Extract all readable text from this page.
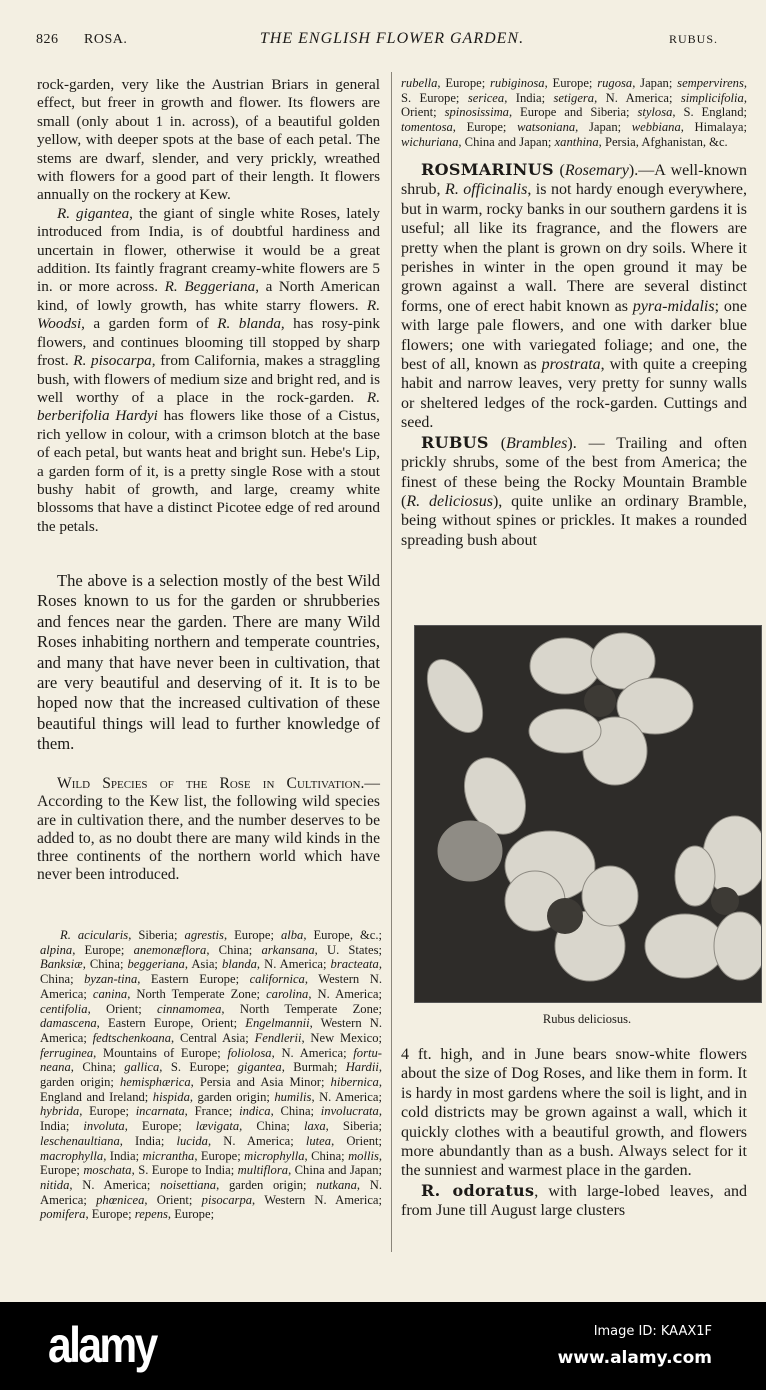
826 ROSA.	THE ENGLISH FLOWER GARDEN.	RUBUS.

rock-garden, very like the Austrian Briars in general effect, but freer in growth and flower. Its flowers are small (only about 1 in. across), of a beautiful golden yellow, with deeper spots at the base of each petal. The stems are dwarf, slender, and very prickly, wreathed with flowers for a good part of their length. It flowers annually on the rockery at Kew.

R. gigantea, the giant of single white Roses, lately introduced from India, is of doubtful hardiness and uncertain in flower, otherwise it would be a great addition. Its faintly fragrant creamy-white flowers are 5 in. or more across. R. Beggeriana, a North American kind, of lowly growth, has white starry flowers. R. Woodsi, a garden form of R. blanda, has rosy-pink flowers, and continues blooming till stopped by sharp frost. R. pisocarpa, from California, makes a straggling bush, with flowers of medium size and bright red, and is well worthy of a place in the rock-garden. R. berberifolia Hardyi has flowers like those of a Cistus, rich yellow in colour, with a crimson blotch at the base of each petal, but wants heat and bright sun. Hebe's Lip, a garden form of it, is a pretty single Rose with a stout bushy habit of growth, and large, creamy white blossoms that have a distinct Picotee edge of red around the petals.

The above is a selection mostly of the best Wild Roses known to us for the garden or shrubberies and fences near the garden. There are many Wild Roses inhabiting northern and temperate countries, and many that have never been in cultivation, that are very beautiful and deserving of it. It is to be hoped now that the increased cultivation of these beautiful things will lead to further knowledge of them.

Wild Species of the Rose in Cultivation.—According to the Kew list, the following wild species are in cultivation there, and the number deserves to be added to, as no doubt there are many wild kinds in the three continents of the northern world which have never been introduced.

R. acicularis, Siberia; agrestis, Europe; alba, Europe, &c.; alpina, Europe; anemonæflora, China; arkansana, U. States; Banksiæ, China; beggeriana, Asia; blanda, N. America; bracteata, China; byzan-tina, Eastern Europe; californica, Western N. America; canina, North Temperate Zone; carolina, N. America; centifolia, Orient; cinnamomea, North Temperate Zone; damascena, Eastern Europe, Orient; Engelmannii, Western N. America; fedtschenkoana, Central Asia; Fendlerii, New Mexico; ferruginea, Mountains of Europe; foliolosa, N. America; fortu-neana, China; gallica, S. Europe; gigantea, Burmah; Hardii, garden origin; hemisphærica, Persia and Asia Minor; hibernica, England and Ireland; hispida, garden origin; humilis, N. America; hybrida, Europe; incarnata, France; indica, China; involucrata, India; involuta, Europe; lævigata, China; laxa, Siberia; leschenaultiana, India; lucida, N. America; lutea, Orient; macrophylla, India; micrantha, Europe; microphylla, China; mollis, Europe; moschata, S. Europe to India; multiflora, China and Japan; nitida, N. America; noisettiana, garden origin; nutkana, N. America; phœnicea, Orient; pisocarpa, Western N. America; pomifera, Europe; repens, Europe;

rubella, Europe; rubiginosa, Europe; rugosa, Japan; sempervirens, S. Europe; sericea, India; setigera, N. America; simplicifolia, Orient; spinosissima, Europe and Siberia; stylosa, S. England; tomentosa, Europe; watsoniana, Japan; webbiana, Himalaya; wichuriana, China and Japan; xanthina, Persia, Afghanistan, &c.

ROSMARINUS (Rosemary).—A well-known shrub, R. officinalis, is not hardy enough everywhere, but in warm, rocky banks in our southern gardens it is useful; all like its fragrance, and the flowers are pretty when the plant is grown on dry soils. Where it perishes in winter in the open ground it may be grown against a wall. There are several distinct forms, one of erect habit known as pyra-midalis; one with large pale flowers, and one with darker blue flowers; one with variegated foliage; and one, the best of all, known as prostrata, with quite a creeping habit and narrow leaves, very pretty for sunny walls or sheltered ledges of the rock-garden. Cuttings and seed.

RUBUS (Brambles). — Trailing and often prickly shrubs, some of the best from America; the finest of these being the Rocky Mountain Bramble (R. deliciosus), quite unlike an ordinary Bramble, being without spines or prickles. It makes a rounded spreading bush about

Rubus deliciosus.

4 ft. high, and in June bears snow-white flowers about the size of Dog Roses, and like them in form. It is hardy in most gardens where the soil is light, and in cold districts may be grown against a wall, which it quickly clothes with a beautiful growth, and flowers more abundantly than as a bush. Always select for it the sunniest and warmest place in the garden.

R. odoratus, with large-lobed leaves, and from June till August large clusters

alamy	Image ID: KAAX1F
www.alamy.com
